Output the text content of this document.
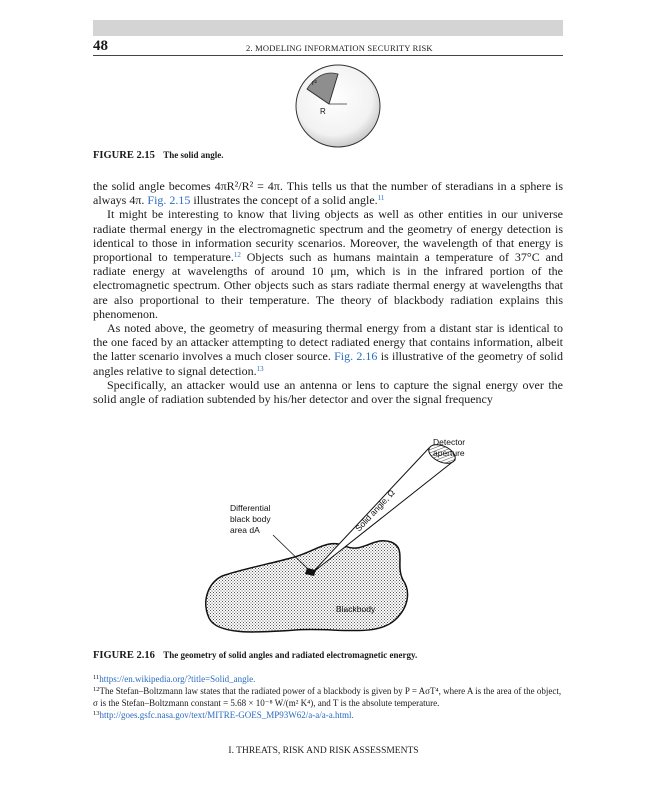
48	2. MODELING INFORMATION SECURITY RISK
r²
R
FIGURE 2.15 The solid angle.

the solid angle becomes 4πR²/R² = 4π. This tells us that the number of steradians in a sphere is always 4π. Fig. 2.15 illustrates the concept of a solid angle.$^{11}$

It might be interesting to know that living objects as well as other entities in our universe radiate thermal energy in the electromagnetic spectrum and the geometry of energy detection is identical to those in information security scenarios. Moreover, the wavelength of that energy is proportional to temperature.$^{12}$ Objects such as humans maintain a temperature of 37°C and radiate energy at wavelengths of around 10 μm, which is in the infrared portion of the electromagnetic spectrum. Other objects such as stars radiate thermal energy at wavelengths that are also proportional to their temperature. The theory of blackbody radiation explains this phenomenon.

As noted above, the geometry of measuring thermal energy from a distant star is identical to the one faced by an attacker attempting to detect radiated energy that contains information, albeit the latter scenario involves a much closer source. Fig. 2.16 is illustrative of the geometry of solid angles relative to signal detection.$^{13}$

Specifically, an attacker would use an antenna or lens to capture the signal energy over the solid angle of radiation subtended by his/her detector and over the signal frequency

Detector
aperture
Solid angle, Ω
Differential
black body
area dA
Blackbody
FIGURE 2.16 The geometry of solid angles and radiated electromagnetic energy.

$^{11}$https://en.wikipedia.org/?title=Solid_angle.

$^{12}$The Stefan–Boltzmann law states that the radiated power of a blackbody is given by P = AσT⁴, where A is the area of the object, σ is the Stefan–Boltzmann constant = 5.68 × 10⁻⁸ W/(m² K⁴), and T is the absolute temperature.

$^{13}$http://goes.gsfc.nasa.gov/text/MITRE-GOES_MP93W62/a-a/a-a.html.

I. THREATS, RISK AND RISK ASSESSMENTS
